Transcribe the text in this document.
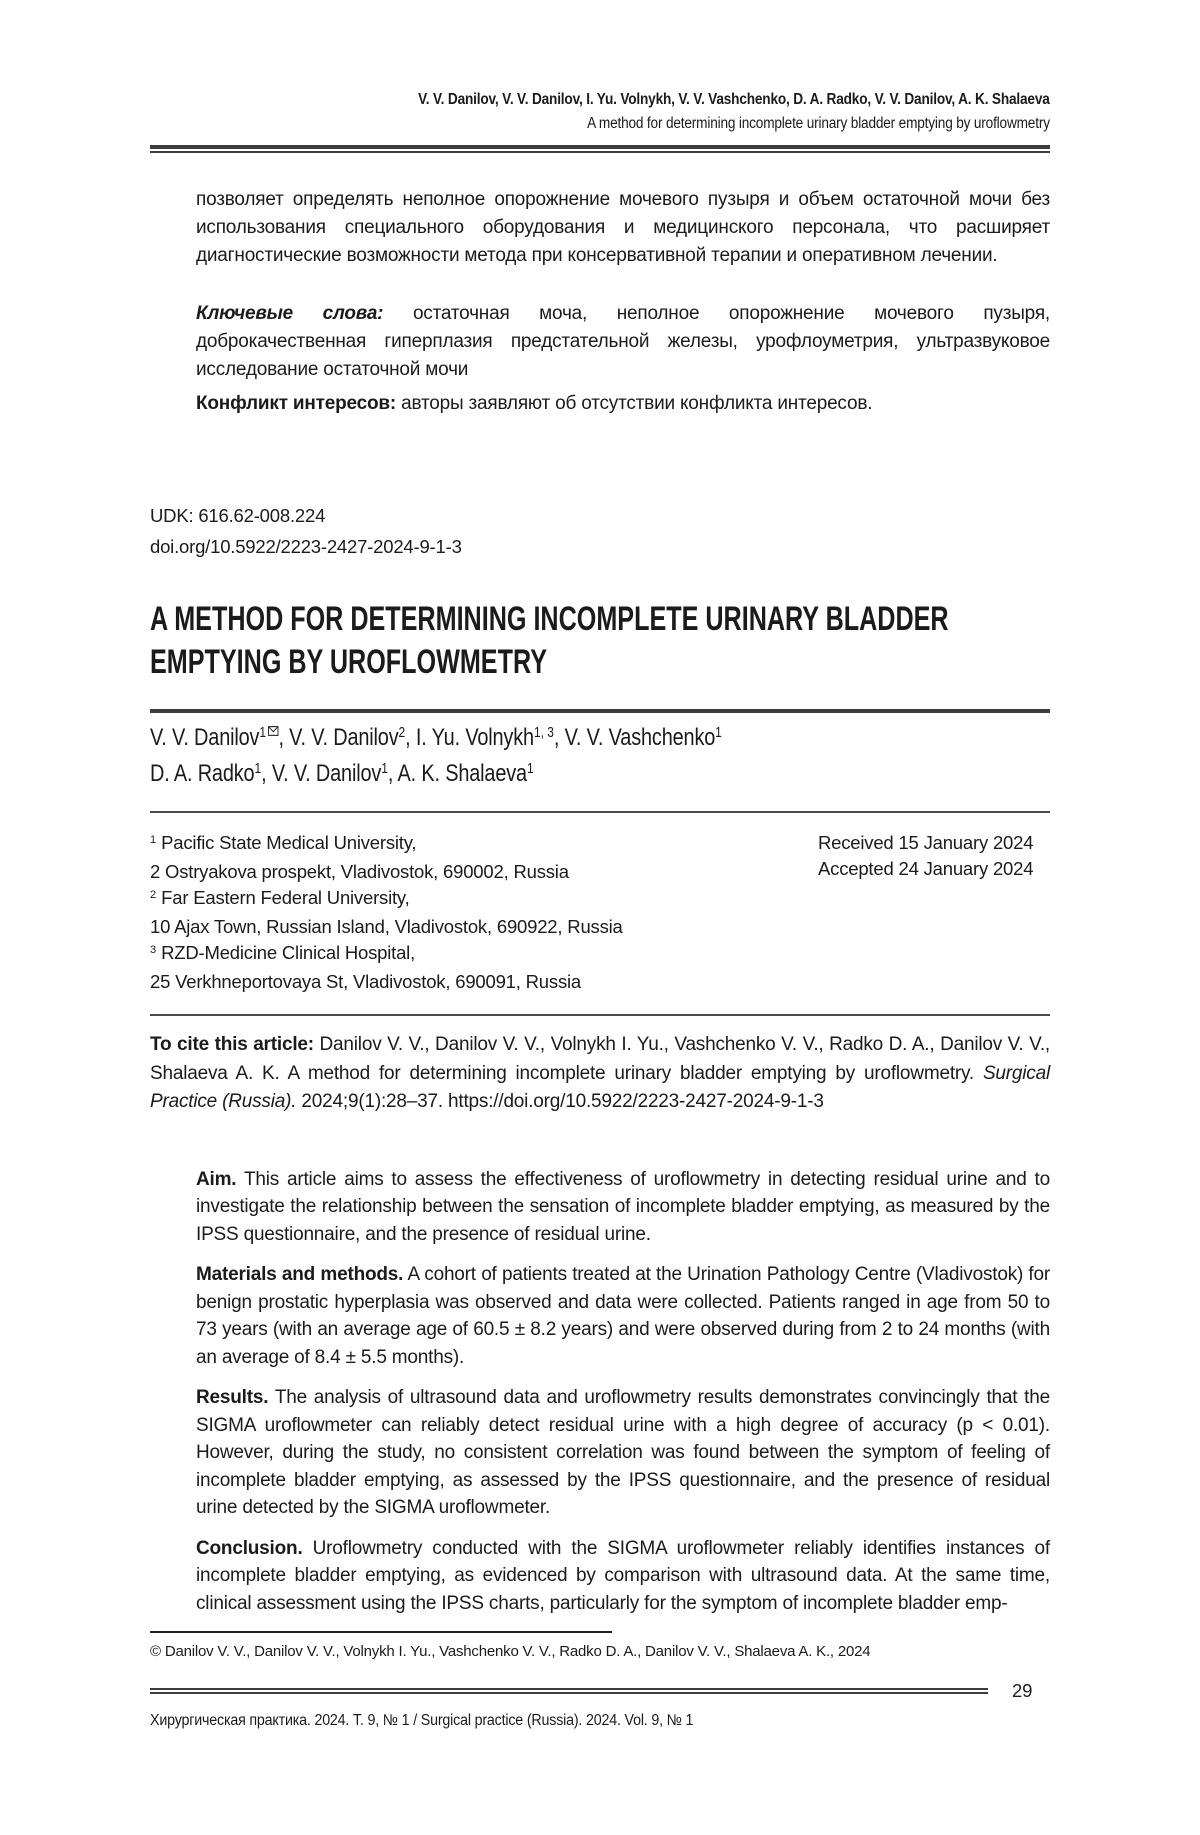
V. V. Danilov, V. V. Danilov, I. Yu. Volnykh, V. V. Vashchenko, D. A. Radko, V. V. Danilov, A. K. Shalaeva
A method for determining incomplete urinary bladder emptying by uroflowmetry

позволяет определять неполное опорожнение мочевого пузыря и объем остаточной мочи без использования специального оборудования и медицинского персонала, что расширяет диагностические возможности метода при консервативной терапии и оперативном лечении.

Ключевые слова: остаточная моча, неполное опорожнение мочевого пузыря, доброкачественная гиперплазия предстательной железы, урофлоуметрия, ультразвуковое исследование остаточной мочи

Конфликт интересов: авторы заявляют об отсутствии конфликта интересов.

UDK: 616.62-008.224
doi.org/10.5922/2223-2427-2024-9-1-3
A METHOD FOR DETERMINING INCOMPLETE URINARY BLADDER
EMPTYING BY UROFLOWMETRY
V. V. Danilov$^1$ , V. V. Danilov$^2$, I. Yu. Volnykh$^{1, 3}$, V. V. Vashchenko$^1$
D. A. Radko$^1$, V. V. Danilov$^1$, A. K. Shalaeva$^1$
$^1$ Pacific State Medical University,
2 Ostryakova prospekt, Vladivostok, 690002, Russia
$^2$ Far Eastern Federal University,
10 Ajax Town, Russian Island, Vladivostok, 690922, Russia
$^3$ RZD-Medicine Clinical Hospital,
25 Verkhneportovaya St, Vladivostok, 690091, Russia
Received 15 January 2024
Accepted 24 January 2024

To cite this article: Danilov V. V., Danilov V. V., Volnykh I. Yu., Vashchenko V. V., Radko D. A., Danilov V. V., Shalaeva A. K. A method for determining incomplete urinary bladder emptying by uroflowmetry. Surgical Practice (Russia). 2024;9(1):28–37. https://doi.org/10.5922/2223-2427-2024-9-1-3

Aim. This article aims to assess the effectiveness of uroflowmetry in detecting residual urine and to investigate the relationship between the sensation of incomplete bladder emptying, as measured by the IPSS questionnaire, and the presence of residual urine.

Materials and methods. A cohort of patients treated at the Urination Pathology Centre (Vladivostok) for benign prostatic hyperplasia was observed and data were collected. Patients ranged in age from 50 to 73 years (with an average age of 60.5 ± 8.2 years) and were observed during from 2 to 24 months (with an average of 8.4 ± 5.5 months).

Results. The analysis of ultrasound data and uroflowmetry results demonstrates convincingly that the SIGMA uroflowmeter can reliably detect residual urine with a high degree of accuracy (p < 0.01). However, during the study, no consistent correlation was found between the symptom of feeling of incomplete bladder emptying, as assessed by the IPSS questionnaire, and the presence of residual urine detected by the SIGMA uroflowmeter.

Conclusion. Uroflowmetry conducted with the SIGMA uroflowmeter reliably identifies instances of incomplete bladder emptying, as evidenced by comparison with ultrasound data. At the same time, clinical assessment using the IPSS charts, particularly for the symptom of incomplete bladder emp-

© Danilov V. V., Danilov V. V., Volnykh I. Yu., Vashchenko V. V., Radko D. A., Danilov V. V., Shalaeva A. K., 2024
29
Хирургическая практика. 2024. Т. 9, № 1 / Surgical practice (Russia). 2024. Vol. 9, № 1
